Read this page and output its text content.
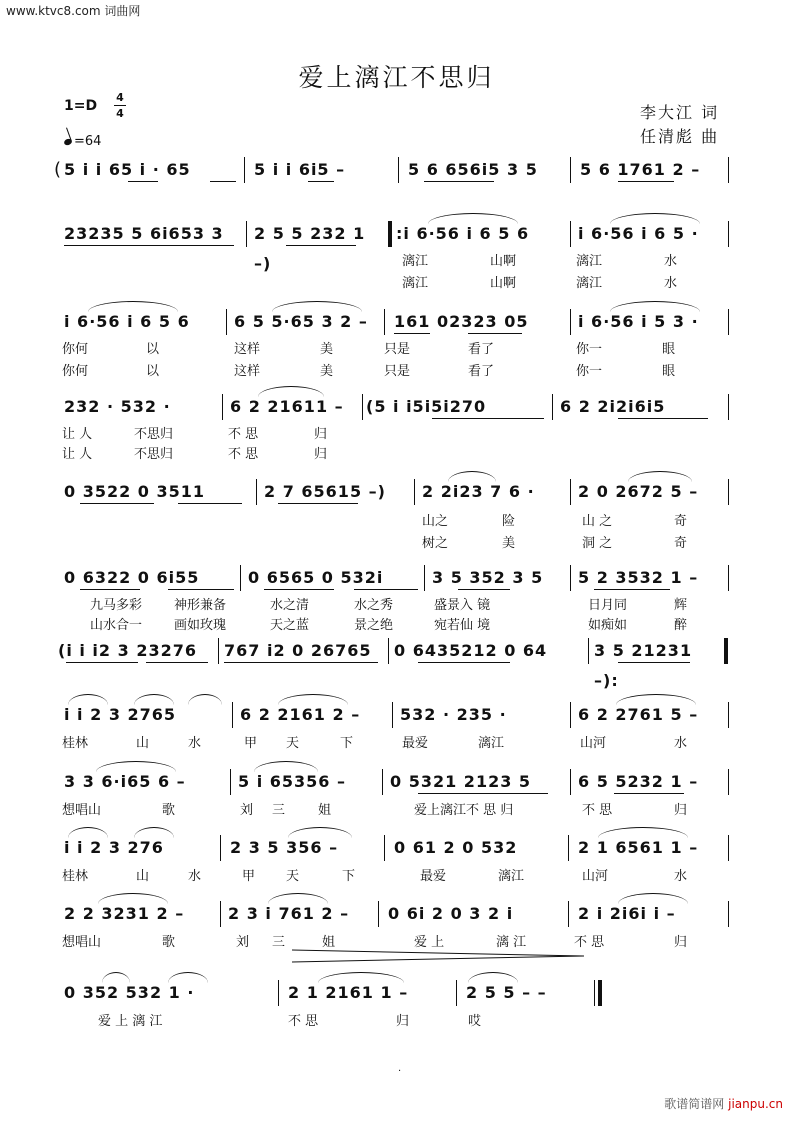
www.ktvc8.com 词曲网
爱上漓江不思归
1=D
4
4
=64
李大江 词
任清彪 曲
( 5 i i 65 i · 65	5 i i 6i5 –	5 6 656i5 3 5	5 6 1761 2 –
23235 5 6i653 3	2 5 5 232 1 –)
:i 6·56 i 6 5 6	i 6·56 i 6 5 ·
漓江	山啊	漓江	水
漓江	山啊	漓江	水
i 6·56 i 6 5 6	6 5 5·65 3 2 –	161 02323 05	i 6·56 i 5 3 ·
你何	以	这样	美	只是	看了	你一	眼
你何	以	这样	美	只是	看了	你一	眼
232 · 532 ·	6 2 21611 –	(5 i i5i5i270	6 2 2i2i6i5
让 人	不思归	不 思	归
让 人	不思归	不 思	归
0 3522 0 3511	2 7 65615 –)	2 2i23 7 6 ·	2 0 2672 5 –
山之	险	山 之	奇
树之	美	洞 之	奇
0 6322 0 6i55	0 6565 0 532i	3 5 352 3 5	5 2 3532 1 –
九马多彩 神形兼备	水之清	水之秀	盛景入 镜	日月同	辉
山水合一 画如玫瑰	天之蓝	景之绝	宛若仙 境	如痴如	醉
(i i i2 3 23276	767 i2 0 26765	0 6435212 0 64	3 5 21231 –):
i i 2 3 2765	6 2 2161 2 –	532 · 235 ·	6 2 2761 5 –
桂林	山	水	甲 天	下	最爱	漓江	山河	水
3 3 6·i65 6 –	5 i 65356 –	0 5321 2123 5	6 5 5232 1 –
想唱山	歌	刘 三	姐	爱上漓江不 思 归	不 思	归
i i 2 3 276	2 3 5 356 –	0 61 2 0 532	2 1 6561 1 –
桂林	山	水	甲 天	下	最爱	漓江	山河	水
2 2 3231 2 –	2 3 i 761 2 –	0 6i 2 0 3 2 i	2 i 2i6i i –
想唱山	歌	刘 三	姐	爱 上	漓 江	不 思	归
0 352 532 1 ·	2 1 2161 1 –	2 5 5 – –
爱 上 漓 江	不 思	归	哎
·
歌谱简谱网 jianpu.cn
